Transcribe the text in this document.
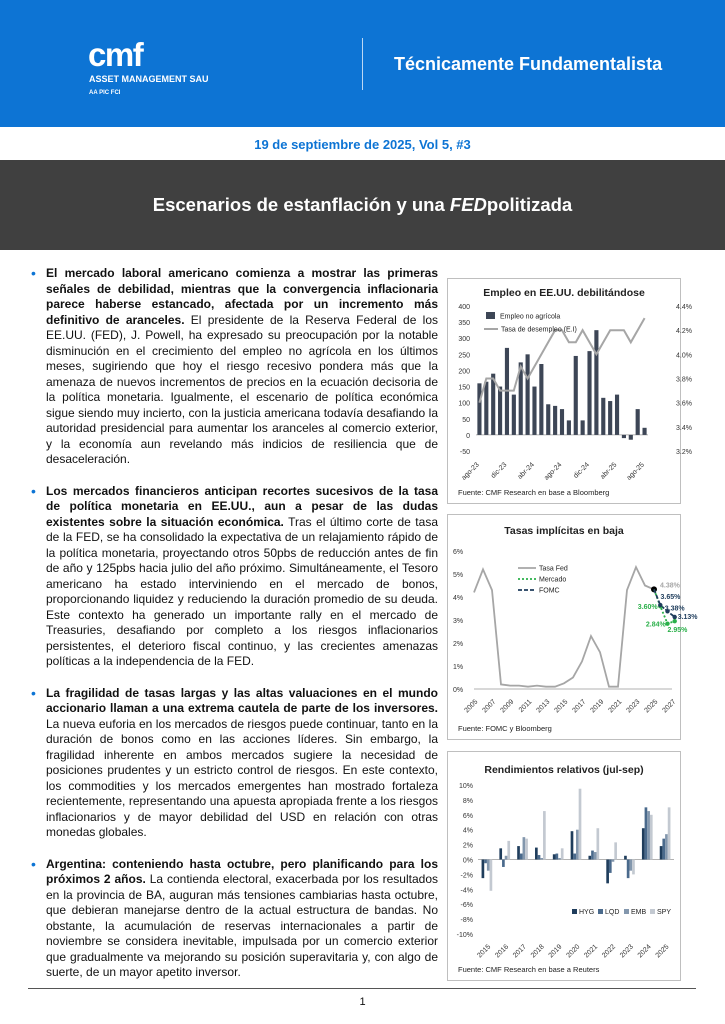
cmf
ASSET MANAGEMENT SAU
AA PIC FCI
Técnicamente Fundamentalista
19 de septiembre de 2025, Vol 5, #3
Escenarios de estanflación y una
FED politizada
• El mercado laboral americano comienza a mostrar las primeras señales de debilidad, mientras que la convergencia inflacionaria parece haberse estancado, afectada por un incremento más definitivo de aranceles. El presidente de la Reserva Federal de los EE.UU. (FED), J. Powell, ha expresado su preocupación por la notable disminución en el crecimiento del empleo no agrícola en los últimos meses, sugiriendo que hoy el riesgo recesivo pondera más que la amenaza de nuevos incrementos de precios en la ecuación decisoria de la política monetaria. Igualmente, el escenario de política económica sigue siendo muy incierto, con la justicia americana todavía desafiando la autoridad presidencial para aumentar los aranceles al comercio exterior, y la economía aun revelando más indicios de resiliencia que de desaceleración.
• Los mercados financieros anticipan recortes sucesivos de la tasa de política monetaria en EE.UU., aun a pesar de las dudas existentes sobre la situación económica. Tras el último corte de tasa de la FED, se ha consolidado la expectativa de un relajamiento rápido de la política monetaria, proyectando otros 50pbs de reducción antes de fin de año y 125pbs hacia julio del año próximo. Simultáneamente, el Tesoro americano ha estado interviniendo en el mercado de bonos, proporcionando liquidez y reduciendo la duración promedio de su deuda. Este contexto ha generado un importante rally en el mercado de Treasuries, desafiando por completo a los riesgos inflacionarios persistentes, el deterioro fiscal continuo, y las crecientes amenazas políticas a la independencia de la FED.
• La fragilidad de tasas largas y las altas valuaciones en el mundo accionario llaman a una extrema cautela de parte de los inversores. La nueva euforia en los mercados de riesgos puede continuar, tanto en la duración de bonos como en las acciones líderes. Sin embargo, la fragilidad inherente en ambos mercados sugiere la necesidad de posiciones prudentes y un estricto control de riesgos. En este contexto, los commodities y los mercados emergentes han mostrado fortaleza recientemente, representando una apuesta apropiada frente a los riesgos inflacionarios y de mayor debilidad del USD en relación con otras monedas globales.
• Argentina: conteniendo hasta octubre, pero planificando para los próximos 2 años. La contienda electoral, exacerbada por los resultados en la provincia de BA, auguran más tensiones cambiarias hasta octubre, que debieran manejarse dentro de la actual estructura de bandas. No obstante, la acumulación de reservas internacionales a partir de noviembre se considera inevitable, impulsada por un comercio exterior que gradualmente va mejorando su posición superavitaria y, con algo de suerte, de un mayor apetito inversor.
Empleo en EE.UU. debilitándose
400
350
300
250
200
150
100
50
0
-50
4.4%
4.2%
4.0%
3.8%
3.6%
3.4%
3.2%
ago-23 dic-23 abr-24 ago-24 dic-24 abr-25 ago-25
Empleo no agrícola
Tasa de desempleo (E.I)
Fuente: CMF Research en base a Bloomberg
Tasas implícitas en baja
6%
5%
4%
3%
2%
1%
0%
4.38%
3.65%
3.60% 3.38%
3.13%
2.84%
2.95%
2005 2007 2009 2011 2013 2015 2017 2019 2021 2023 2025 2027
Tasa Fed
Mercado
FOMC
Fuente: FOMC y Bloomberg
Rendimientos relativos (jul-sep)
10%
8%
6%
4%
2%
0%
-2%
-4%
-6%
-8%
-10%
2015 2016 2017 2018 2019 2020 2021 2022 2023 2024 2025
HYG LQD EMB SPY
Fuente: CMF Research en base a Reuters
1
